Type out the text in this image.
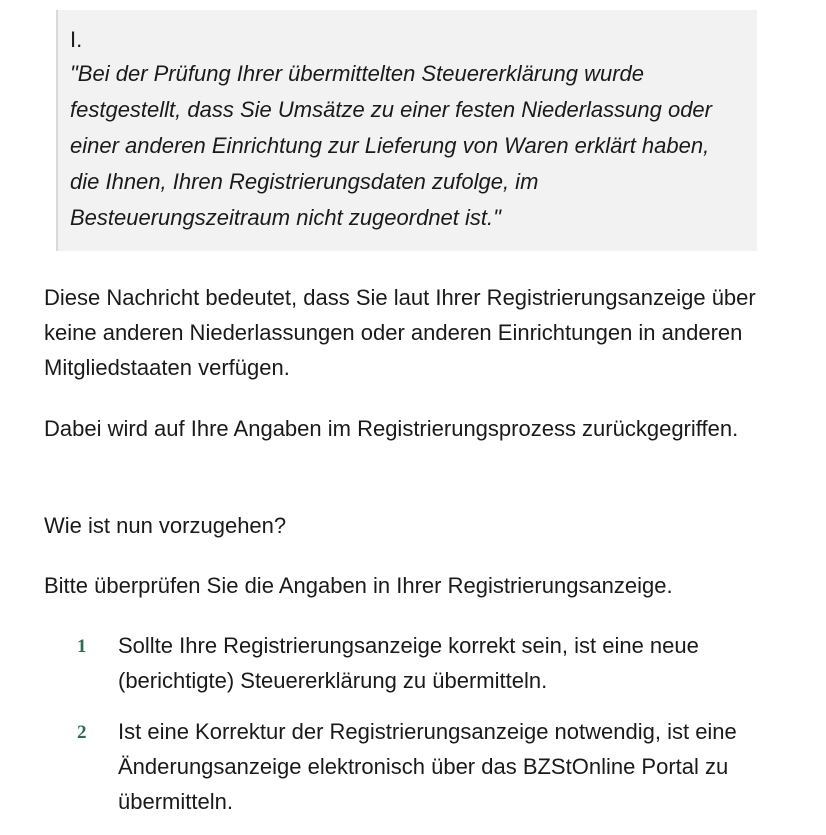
I.
"Bei der Prüfung Ihrer übermittelten Steuererklärung wurde festgestellt, dass Sie Umsätze zu einer festen Niederlassung oder einer anderen Einrichtung zur Lieferung von Waren erklärt haben, die Ihnen, Ihren Registrierungsdaten zufolge, im Besteuerungszeitraum nicht zugeordnet ist."

Diese Nachricht bedeutet, dass Sie laut Ihrer Registrierungsanzeige über keine anderen Niederlassungen oder anderen Einrichtungen in anderen Mitgliedstaaten verfügen.

Dabei wird auf Ihre Angaben im Registrierungsprozess zurückgegriffen.

Wie ist nun vorzugehen?

Bitte überprüfen Sie die Angaben in Ihrer Registrierungsanzeige.

1 Sollte Ihre Registrierungsanzeige korrekt sein, ist eine neue (berichtigte) Steuererklärung zu übermitteln.
2 Ist eine Korrektur der Registrierungsanzeige notwendig, ist eine Änderungsanzeige elektronisch über das BZStOnline Portal zu übermitteln.
